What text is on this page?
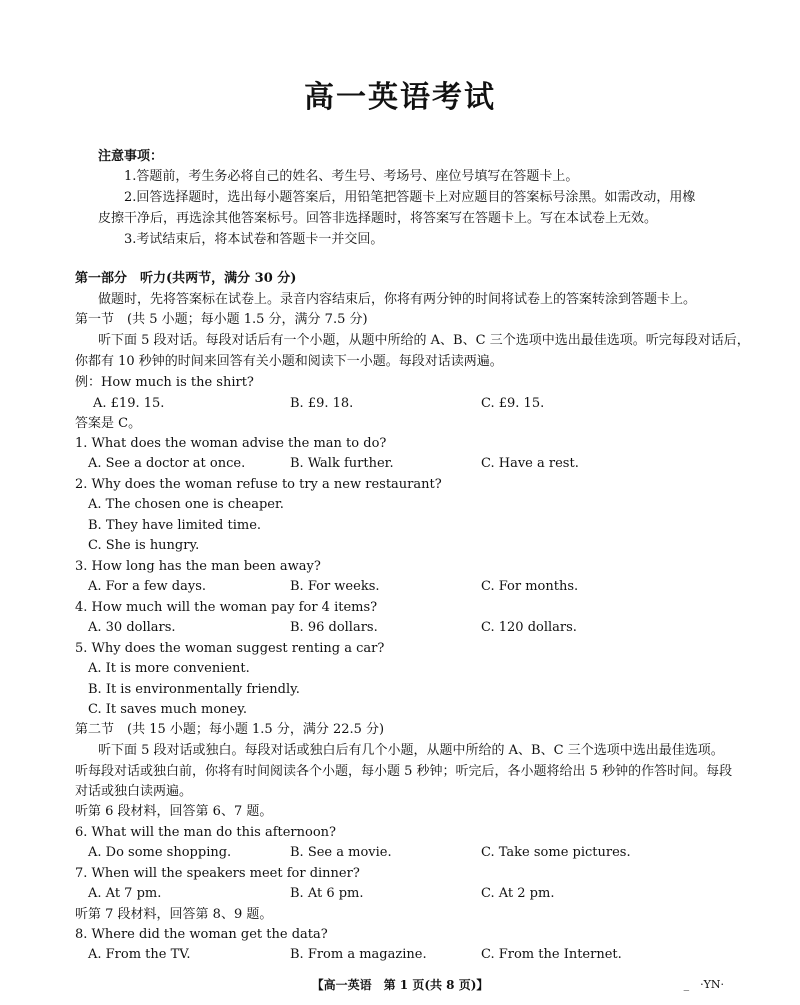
高一英语考试
注意事项：
1.答题前，考生务必将自己的姓名、考生号、考场号、座位号填写在答题卡上。
2.回答选择题时，选出每小题答案后，用铅笔把答题卡上对应题目的答案标号涂黑。如需改动，用橡
皮擦干净后，再选涂其他答案标号。回答非选择题时，将答案写在答题卡上。写在本试卷上无效。
3.考试结束后，将本试卷和答题卡一并交回。
第一部分　听力(共两节，满分 30 分)
做题时，先将答案标在试卷上。录音内容结束后，你将有两分钟的时间将试卷上的答案转涂到答题卡上。
第一节　(共 5 小题；每小题 1.5 分，满分 7.5 分)
听下面 5 段对话。每段对话后有一个小题，从题中所给的 A、B、C 三个选项中选出最佳选项。听完每段对话后，
你都有 10 秒钟的时间来回答有关小题和阅读下一小题。每段对话读两遍。
例：How much is the shirt?
A. £19. 15.	B. £9. 18.	C. £9. 15.
答案是 C。
1. What does the woman advise the man to do?
A. See a doctor at once.	B. Walk further.	C. Have a rest.
2. Why does the woman refuse to try a new restaurant?
A. The chosen one is cheaper.
B. They have limited time.
C. She is hungry.
3. How long has the man been away?
A. For a few days.	B. For weeks.	C. For months.
4. How much will the woman pay for 4 items?
A. 30 dollars.	B. 96 dollars.	C. 120 dollars.
5. Why does the woman suggest renting a car?
A. It is more convenient.
B. It is environmentally friendly.
C. It saves much money.
第二节　(共 15 小题；每小题 1.5 分，满分 22.5 分)
听下面 5 段对话或独白。每段对话或独白后有几个小题，从题中所给的 A、B、C 三个选项中选出最佳选项。
听每段对话或独白前，你将有时间阅读各个小题，每小题 5 秒钟；听完后，各小题将给出 5 秒钟的作答时间。每段
对话或独白读两遍。
听第 6 段材料，回答第 6、7 题。
6. What will the man do this afternoon?
A. Do some shopping.	B. See a movie.	C. Take some pictures.
7. When will the speakers meet for dinner?
A. At 7 pm.	B. At 6 pm.	C. At 2 pm.
听第 7 段材料，回答第 8、9 题。
8. Where did the woman get the data?
A. From the TV.	B. From a magazine.	C. From the Internet.
【高一英语　第 1 页(共 8 页)】	_　·YN·
